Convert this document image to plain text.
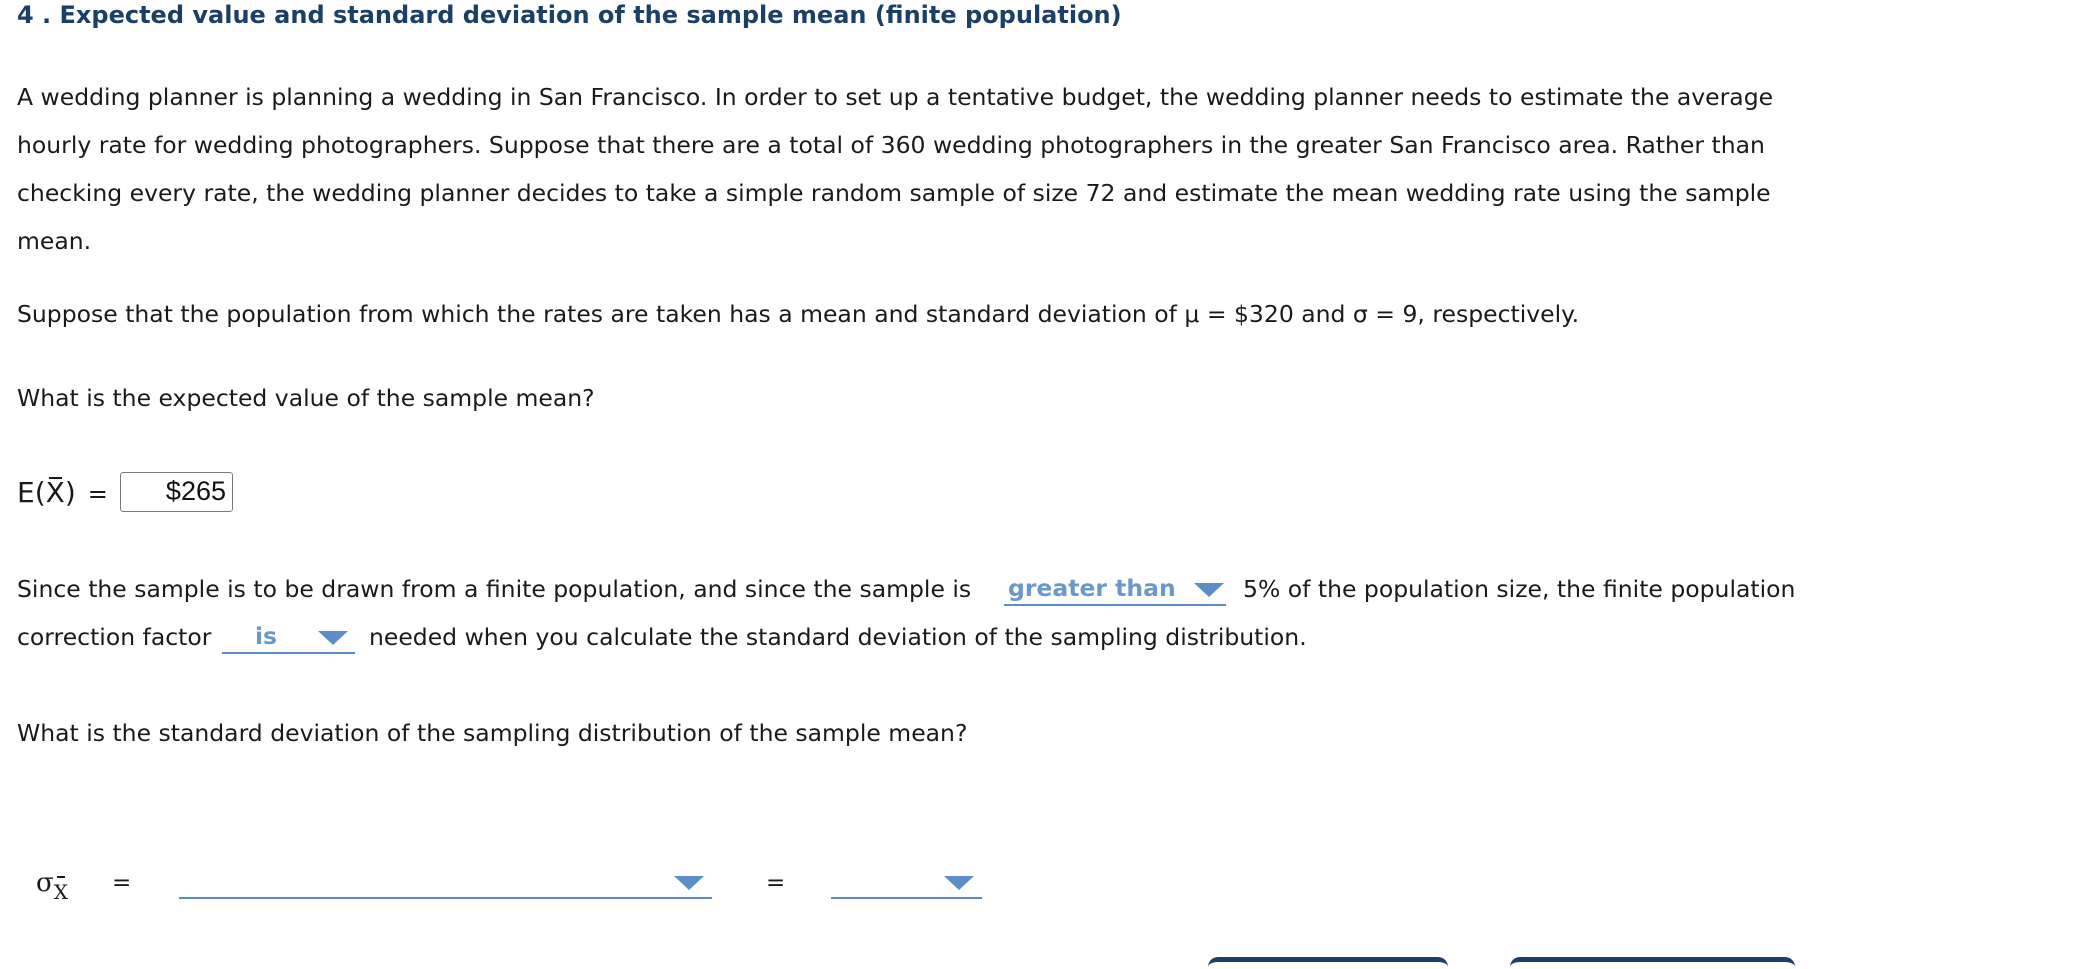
4 . Expected value and standard deviation of the sample mean (finite population)
A wedding planner is planning a wedding in San Francisco. In order to set up a tentative budget, the wedding planner needs to estimate the average
hourly rate for wedding photographers. Suppose that there are a total of 360 wedding photographers in the greater San Francisco area. Rather than
checking every rate, the wedding planner decides to take a simple random sample of size 72 and estimate the mean wedding rate using the sample
mean.
Suppose that the population from which the rates are taken has a mean and standard deviation of μ = $320 and σ = 9, respectively.
What is the expected value of the sample mean?
E(X) =	$265
Since the sample is to be drawn from a finite population, and since the sample is greater than	5% of the population size, the finite population
correction factor is	needed when you calculate the standard deviation of the sampling distribution.
What is the standard deviation of the sampling distribution of the sample mean?
σX =	=
